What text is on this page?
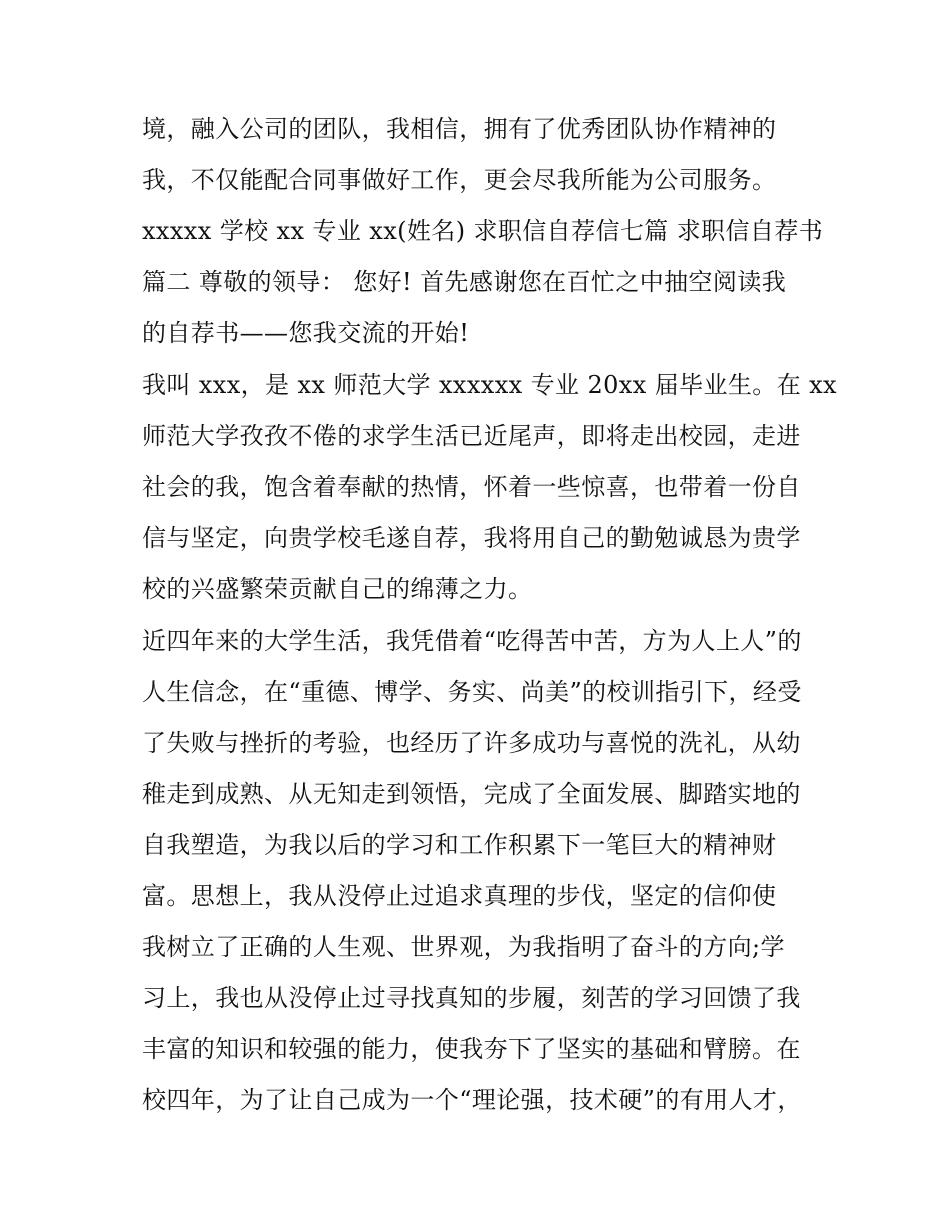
境，融入公司的团队，我相信，拥有了优秀团队协作精神的
我，不仅能配合同事做好工作，更会尽我所能为公司服务。
xxxxx 学校 xx 专业 xx(姓名) 求职信自荐信七篇 求职信自荐书
篇二 尊敬的领导： 您好! 首先感谢您在百忙之中抽空阅读我
的自荐书——您我交流的开始!
我叫 xxx，是 xx 师范大学 xxxxxx 专业 20xx 届毕业生。在 xx
师范大学孜孜不倦的求学生活已近尾声，即将走出校园，走进
社会的我，饱含着奉献的热情，怀着一些惊喜，也带着一份自
信与坚定，向贵学校毛遂自荐，我将用自己的勤勉诚恳为贵学
校的兴盛繁荣贡献自己的绵薄之力。
近四年来的大学生活，我凭借着“吃得苦中苦，方为人上人”的
人生信念，在“重德、博学、务实、尚美”的校训指引下，经受
了失败与挫折的考验，也经历了许多成功与喜悦的洗礼，从幼
稚走到成熟、从无知走到领悟，完成了全面发展、脚踏实地的
自我塑造，为我以后的学习和工作积累下一笔巨大的精神财
富。思想上，我从没停止过追求真理的步伐，坚定的信仰使
我树立了正确的人生观、世界观，为我指明了奋斗的方向;学
习上，我也从没停止过寻找真知的步履，刻苦的学习回馈了我
丰富的知识和较强的能力，使我夯下了坚实的基础和臂膀。在
校四年，为了让自己成为一个“理论强，技术硬”的有用人才，
